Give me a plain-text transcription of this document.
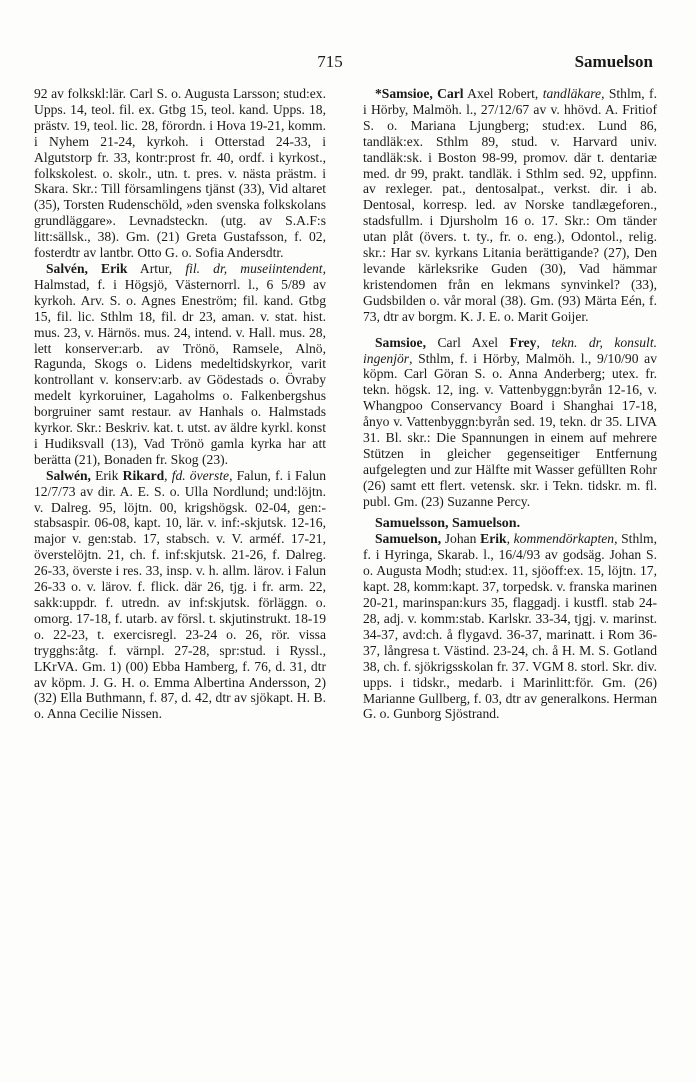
715	Samuelson

92 av folkskl:lär. Carl S. o. Augusta Larsson; stud:ex. Upps. 14, teol. fil. ex. Gtbg 15, teol. kand. Upps. 18, prästv. 19, teol. lic. 28, förordn. i Hova 19-21, komm. i Nyhem 21-24, kyrkoh. i Otterstad 24-33, i Algutstorp fr. 33, kontr:prost fr. 40, ordf. i kyrkost., folkskolest. o. skolr., utn. t. pres. v. nästa prästm. i Skara. Skr.: Till församlingens tjänst (33), Vid altaret (35), Torsten Rudenschöld, »den svenska folkskolans grundläggare». Levnadsteckn. (utg. av S.A.F:s litt:sällsk., 38). Gm. (21) Greta Gustafsson, f. 02, fosterdtr av lantbr. Otto G. o. Sofia Andersdtr.

Salvén, Erik Artur, fil. dr, museiintendent, Halmstad, f. i Högsjö, Västernorrl. l., 6 5/89 av kyrkoh. Arv. S. o. Agnes Eneström; fil. kand. Gtbg 15, fil. lic. Sthlm 18, fil. dr 23, aman. v. stat. hist. mus. 23, v. Härnös. mus. 24, intend. v. Hall. mus. 28, lett konserver:arb. av Trönö, Ramsele, Alnö, Ragunda, Skogs o. Lidens medeltidskyrkor, varit kontrollant v. konserv:arb. av Gödestads o. Övraby medelt kyrkoruiner, Lagaholms o. Falkenbergshus borgruiner samt restaur. av Hanhals o. Halmstads kyrkor. Skr.: Beskriv. kat. t. utst. av äldre kyrkl. konst i Hudiksvall (13), Vad Trönö gamla kyrka har att berätta (21), Bonaden fr. Skog (23).

Salwén, Erik Rikard, fd. överste, Falun, f. i Falun 12/7/73 av dir. A. E. S. o. Ulla Nordlund; und:löjtn. v. Dalreg. 95, löjtn. 00, krigshögsk. 02-04, gen:-stabsaspir. 06-08, kapt. 10, lär. v. inf:-skjutsk. 12-16, major v. gen:stab. 17, stabsch. v. V. arméf. 17-21, överstelöjtn. 21, ch. f. inf:skjutsk. 21-26, f. Dalreg. 26-33, överste i res. 33, insp. v. h. allm. lärov. i Falun 26-33 o. v. lärov. f. flick. där 26, tjg. i fr. arm. 22, sakk:uppdr. f. utredn. av inf:skjutsk. förläggn. o. omorg. 17-18, f. utarb. av försl. t. skjutinstrukt. 18-19 o. 22-23, t. exercisregl. 23-24 o. 26, rör. vissa trygghs:åtg. f. värnpl. 27-28, spr:stud. i Ryssl., LKrVA. Gm. 1) (00) Ebba Hamberg, f. 76, d. 31, dtr av köpm. J. G. H. o. Emma Albertina Andersson, 2) (32) Ella Buthmann, f. 87, d. 42, dtr av sjökapt. H. B. o. Anna Cecilie Nissen.

*Samsioe, Carl Axel Robert, tandläkare, Sthlm, f. i Hörby, Malmöh. l., 27/12/67 av v. hhövd. A. Fritiof S. o. Mariana Ljungberg; stud:ex. Lund 86, tandläk:ex. Sthlm 89, stud. v. Harvard univ. tandläk:sk. i Boston 98-99, promov. där t. dentariæ med. dr 99, prakt. tandläk. i Sthlm sed. 92, uppfinn. av rexleger. pat., dentosalpat., verkst. dir. i ab. Dentosal, korresp. led. av Norske tandlægeforen., stadsfullm. i Djursholm 16 o. 17. Skr.: Om tänder utan plåt (övers. t. ty., fr. o. eng.), Odontol., relig. skr.: Har sv. kyrkans Litania berättigande? (27), Den levande kärleksrike Guden (30), Vad hämmar kristendomen från en lekmans synvinkel? (33), Gudsbilden o. vår moral (38). Gm. (93) Märta Eén, f. 73, dtr av borgm. K. J. E. o. Marit Goijer.

Samsioe, Carl Axel Frey, tekn. dr, konsult. ingenjör, Sthlm, f. i Hörby, Malmöh. l., 9/10/90 av köpm. Carl Göran S. o. Anna Anderberg; utex. fr. tekn. högsk. 12, ing. v. Vattenbyggn:byrån 12-16, v. Whangpoo Conservancy Board i Shanghai 17-18, ånyo v. Vattenbyggn:byrån sed. 19, tekn. dr 35. LIVA 31. Bl. skr.: Die Spannungen in einem auf mehrere Stützen in gleicher gegenseitiger Entfernung aufgelegten und zur Hälfte mit Wasser gefüllten Rohr (26) samt ett flert. vetensk. skr. i Tekn. tidskr. m. fl. publ. Gm. (23) Suzanne Percy.

Samuelsson, Samuelson.

Samuelson, Johan Erik, kommendörkapten, Sthlm, f. i Hyringa, Skarab. l., 16/4/93 av godsäg. Johan S. o. Augusta Modh; stud:ex. 11, sjöoff:ex. 15, löjtn. 17, kapt. 28, komm:kapt. 37, torpedsk. v. franska marinen 20-21, marinspan:kurs 35, flaggadj. i kustfl. stab 24-28, adj. v. komm:stab. Karlskr. 33-34, tjgj. v. marinst. 34-37, avd:ch. å flygavd. 36-37, marinatt. i Rom 36-37, långresa t. Västind. 23-24, ch. å H. M. S. Gotland 38, ch. f. sjökrigsskolan fr. 37. VGM 8. storl. Skr. div. upps. i tidskr., medarb. i Marinlitt:för. Gm. (26) Marianne Gullberg, f. 03, dtr av generalkons. Herman G. o. Gunborg Sjöstrand.
